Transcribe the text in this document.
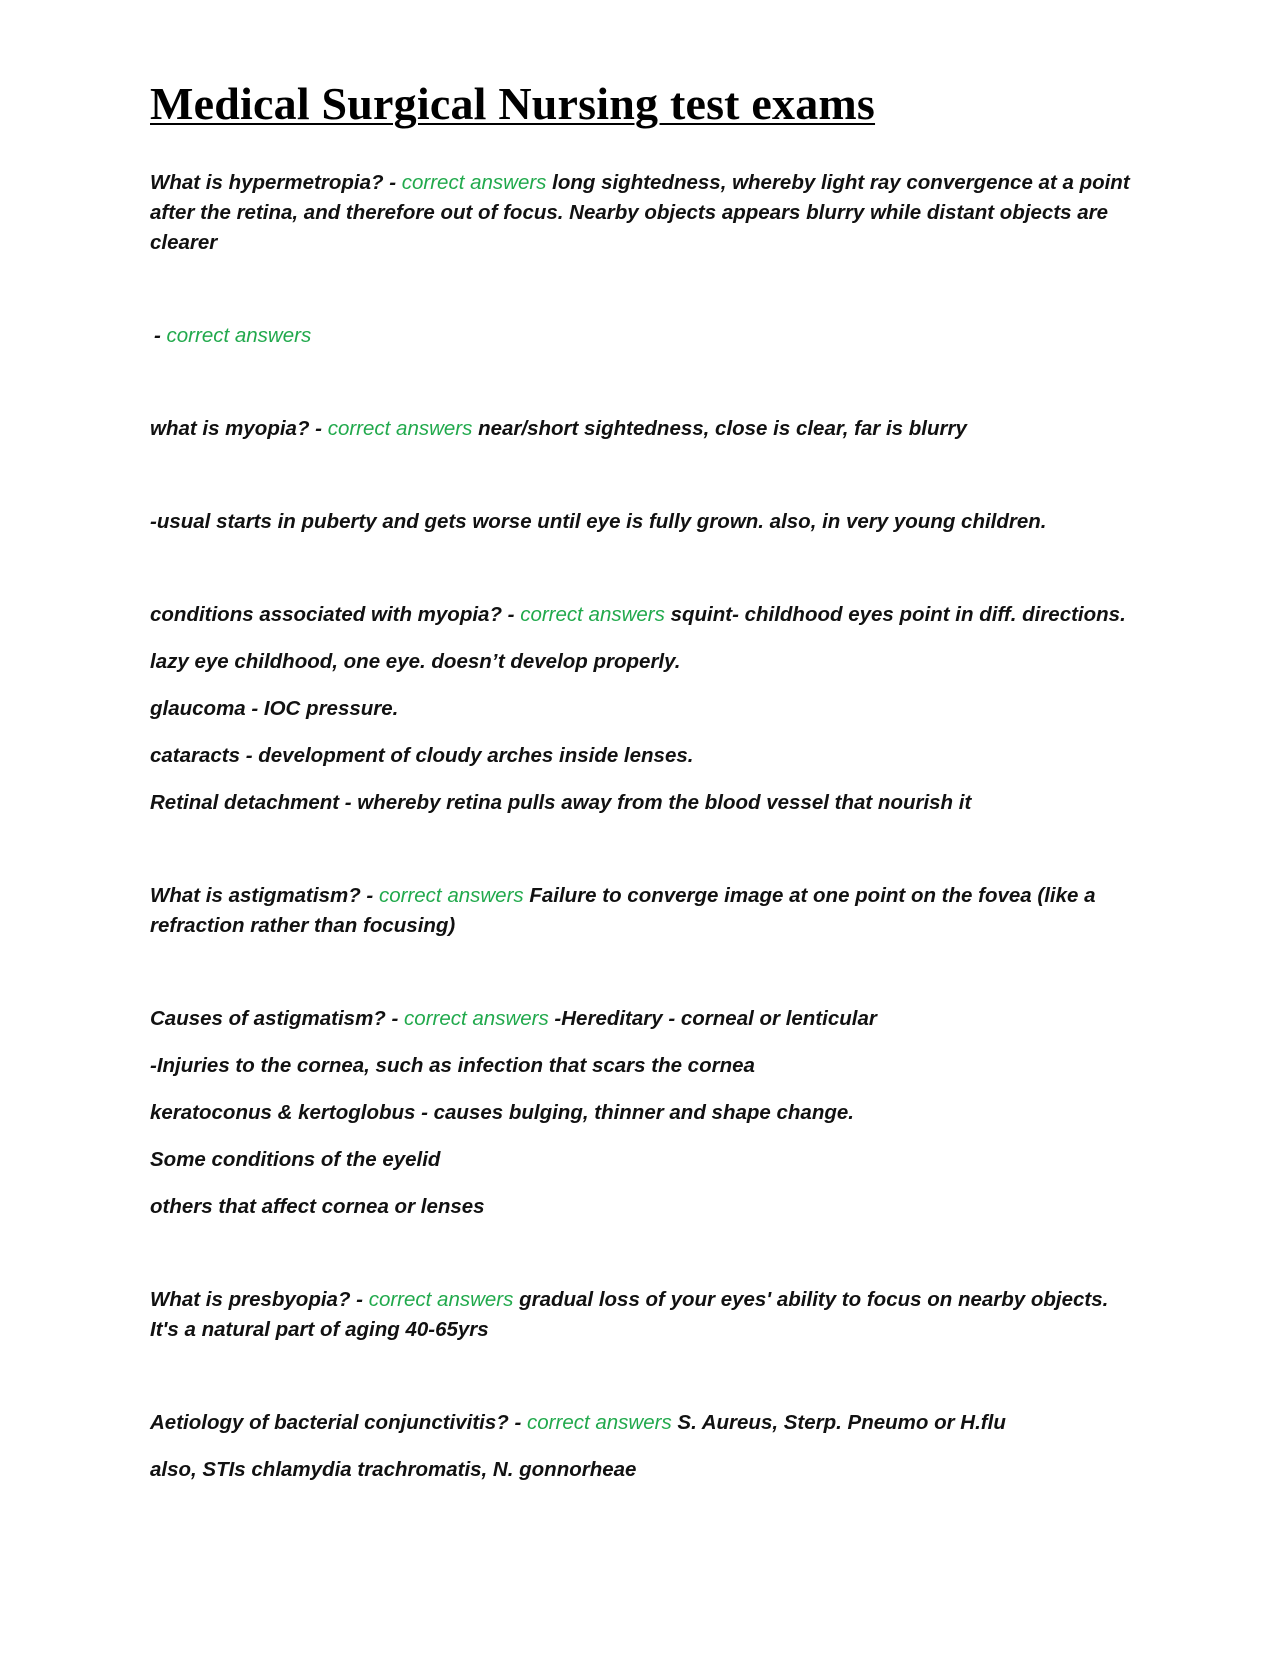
Medical Surgical Nursing test exams

What is hypermetropia? - correct answers long sightedness, whereby light ray convergence at a point after the retina, and therefore out of focus. Nearby objects appears blurry while distant objects are clearer

- correct answers

what is myopia? - correct answers near/short sightedness, close is clear, far is blurry

-usual starts in puberty and gets worse until eye is fully grown. also, in very young children.

conditions associated with myopia? - correct answers squint- childhood eyes point in diff. directions.

lazy eye childhood, one eye. doesn’t develop properly.

glaucoma - IOC pressure.

cataracts - development of cloudy arches inside lenses.

Retinal detachment - whereby retina pulls away from the blood vessel that nourish it

What is astigmatism? - correct answers Failure to converge image at one point on the fovea (like a refraction rather than focusing)

Causes of astigmatism? - correct answers -Hereditary - corneal or lenticular

-Injuries to the cornea, such as infection that scars the cornea

keratoconus & kertoglobus - causes bulging, thinner and shape change.

Some conditions of the eyelid

others that affect cornea or lenses

What is presbyopia? - correct answers gradual loss of your eyes' ability to focus on nearby objects. It's a natural part of aging 40-65yrs

Aetiology of bacterial conjunctivitis? - correct answers S. Aureus, Sterp. Pneumo or H.flu

also, STIs chlamydia trachromatis, N. gonnorheae
